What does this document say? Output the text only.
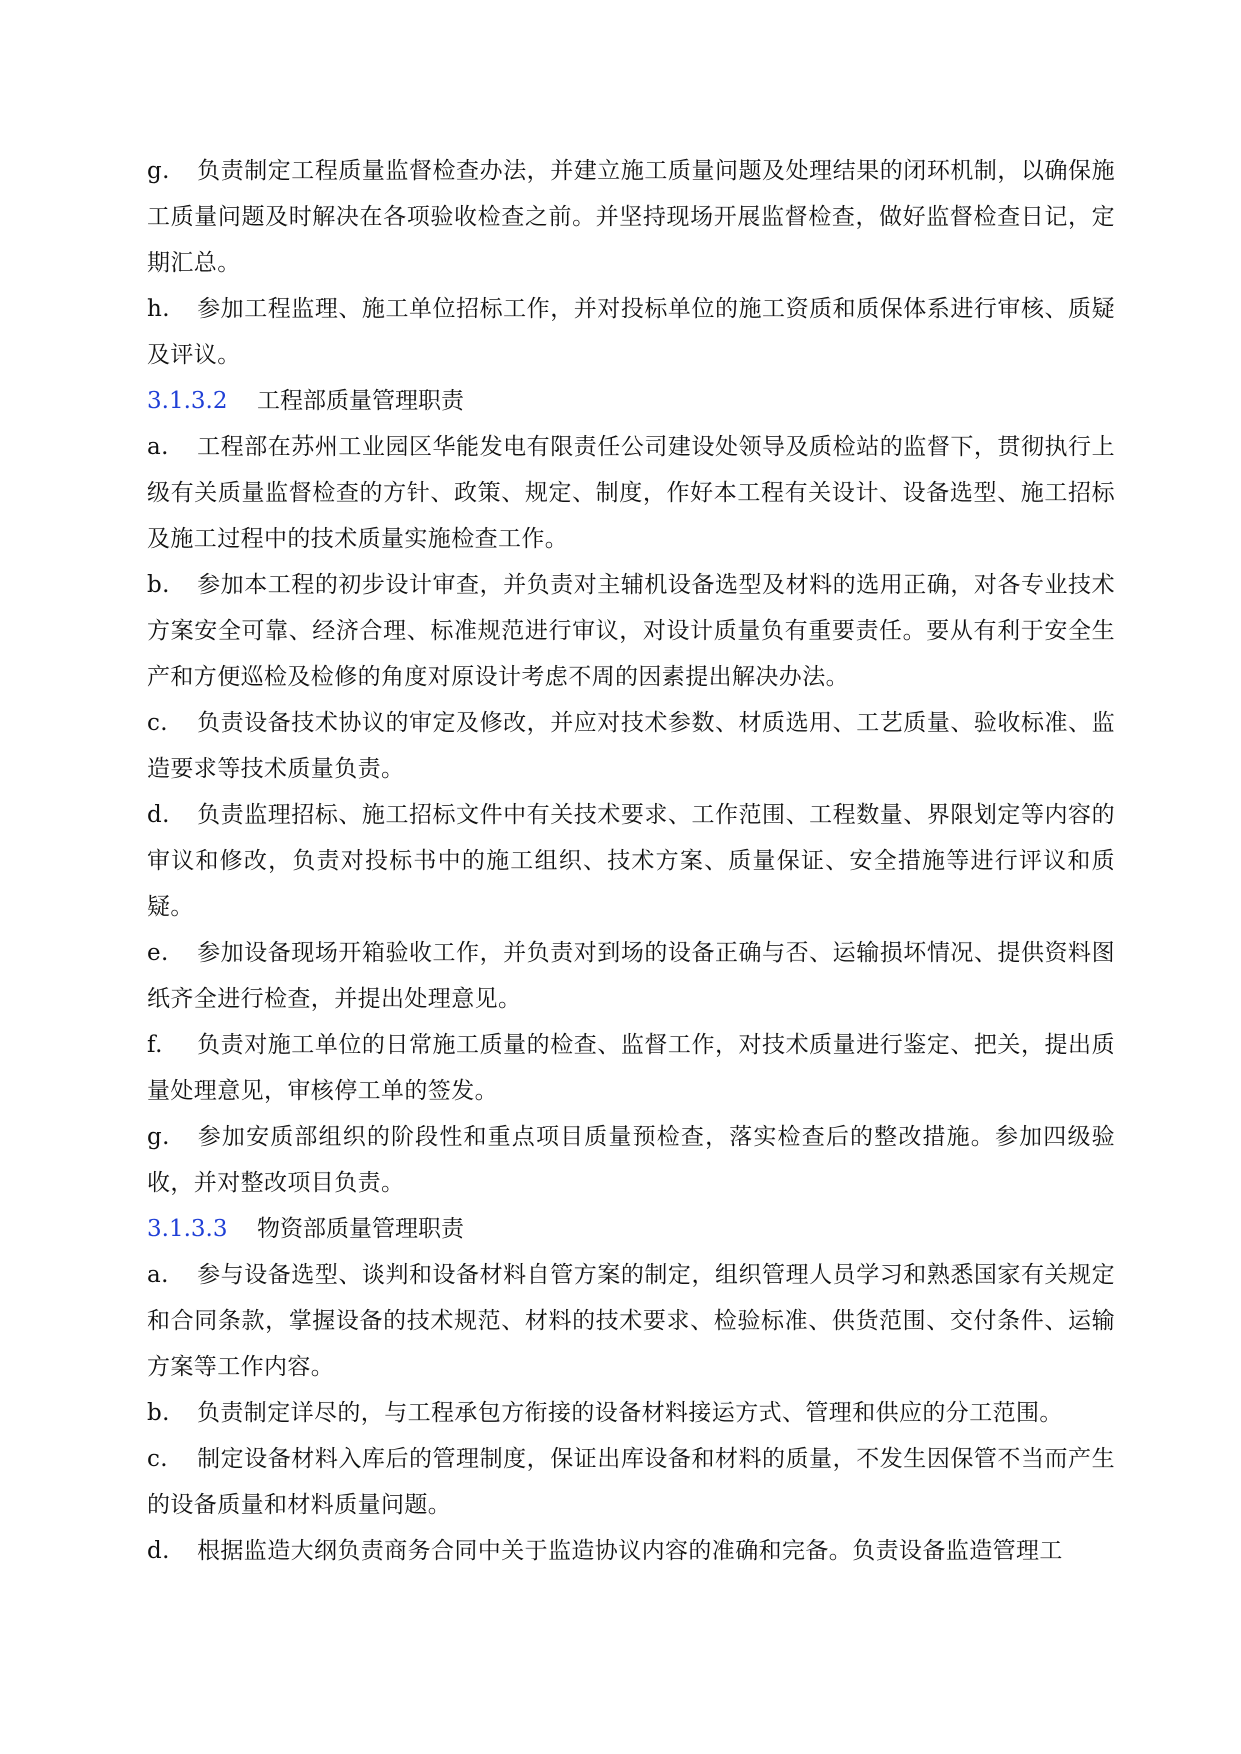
g. 负责制定工程质量监督检查办法，并建立施工质量问题及处理结果的闭环机制，以确保施工质量问题及时解决在各项验收检查之前。并坚持现场开展监督检查，做好监督检查日记，定期汇总。

h. 参加工程监理、施工单位招标工作，并对投标单位的施工资质和质保体系进行审核、质疑及评议。

3.1.3.2 工程部质量管理职责

a. 工程部在苏州工业园区华能发电有限责任公司建设处领导及质检站的监督下，贯彻执行上级有关质量监督检查的方针、政策、规定、制度，作好本工程有关设计、设备选型、施工招标及施工过程中的技术质量实施检查工作。

b. 参加本工程的初步设计审查，并负责对主辅机设备选型及材料的选用正确，对各专业技术方案安全可靠、经济合理、标准规范进行审议，对设计质量负有重要责任。要从有利于安全生产和方便巡检及检修的角度对原设计考虑不周的因素提出解决办法。

c. 负责设备技术协议的审定及修改，并应对技术参数、材质选用、工艺质量、验收标准、监造要求等技术质量负责。

d. 负责监理招标、施工招标文件中有关技术要求、工作范围、工程数量、界限划定等内容的审议和修改，负责对投标书中的施工组织、技术方案、质量保证、安全措施等进行评议和质疑。

e. 参加设备现场开箱验收工作，并负责对到场的设备正确与否、运输损坏情况、提供资料图纸齐全进行检查，并提出处理意见。

f. 负责对施工单位的日常施工质量的检查、监督工作，对技术质量进行鉴定、把关，提出质量处理意见，审核停工单的签发。

g. 参加安质部组织的阶段性和重点项目质量预检查，落实检查后的整改措施。参加四级验收，并对整改项目负责。

3.1.3.3 物资部质量管理职责

a. 参与设备选型、谈判和设备材料自管方案的制定，组织管理人员学习和熟悉国家有关规定和合同条款，掌握设备的技术规范、材料的技术要求、检验标准、供货范围、交付条件、运输方案等工作内容。

b. 负责制定详尽的，与工程承包方衔接的设备材料接运方式、管理和供应的分工范围。

c. 制定设备材料入库后的管理制度，保证出库设备和材料的质量，不发生因保管不当而产生的设备质量和材料质量问题。

d. 根据监造大纲负责商务合同中关于监造协议内容的准确和完备。负责设备监造管理工
